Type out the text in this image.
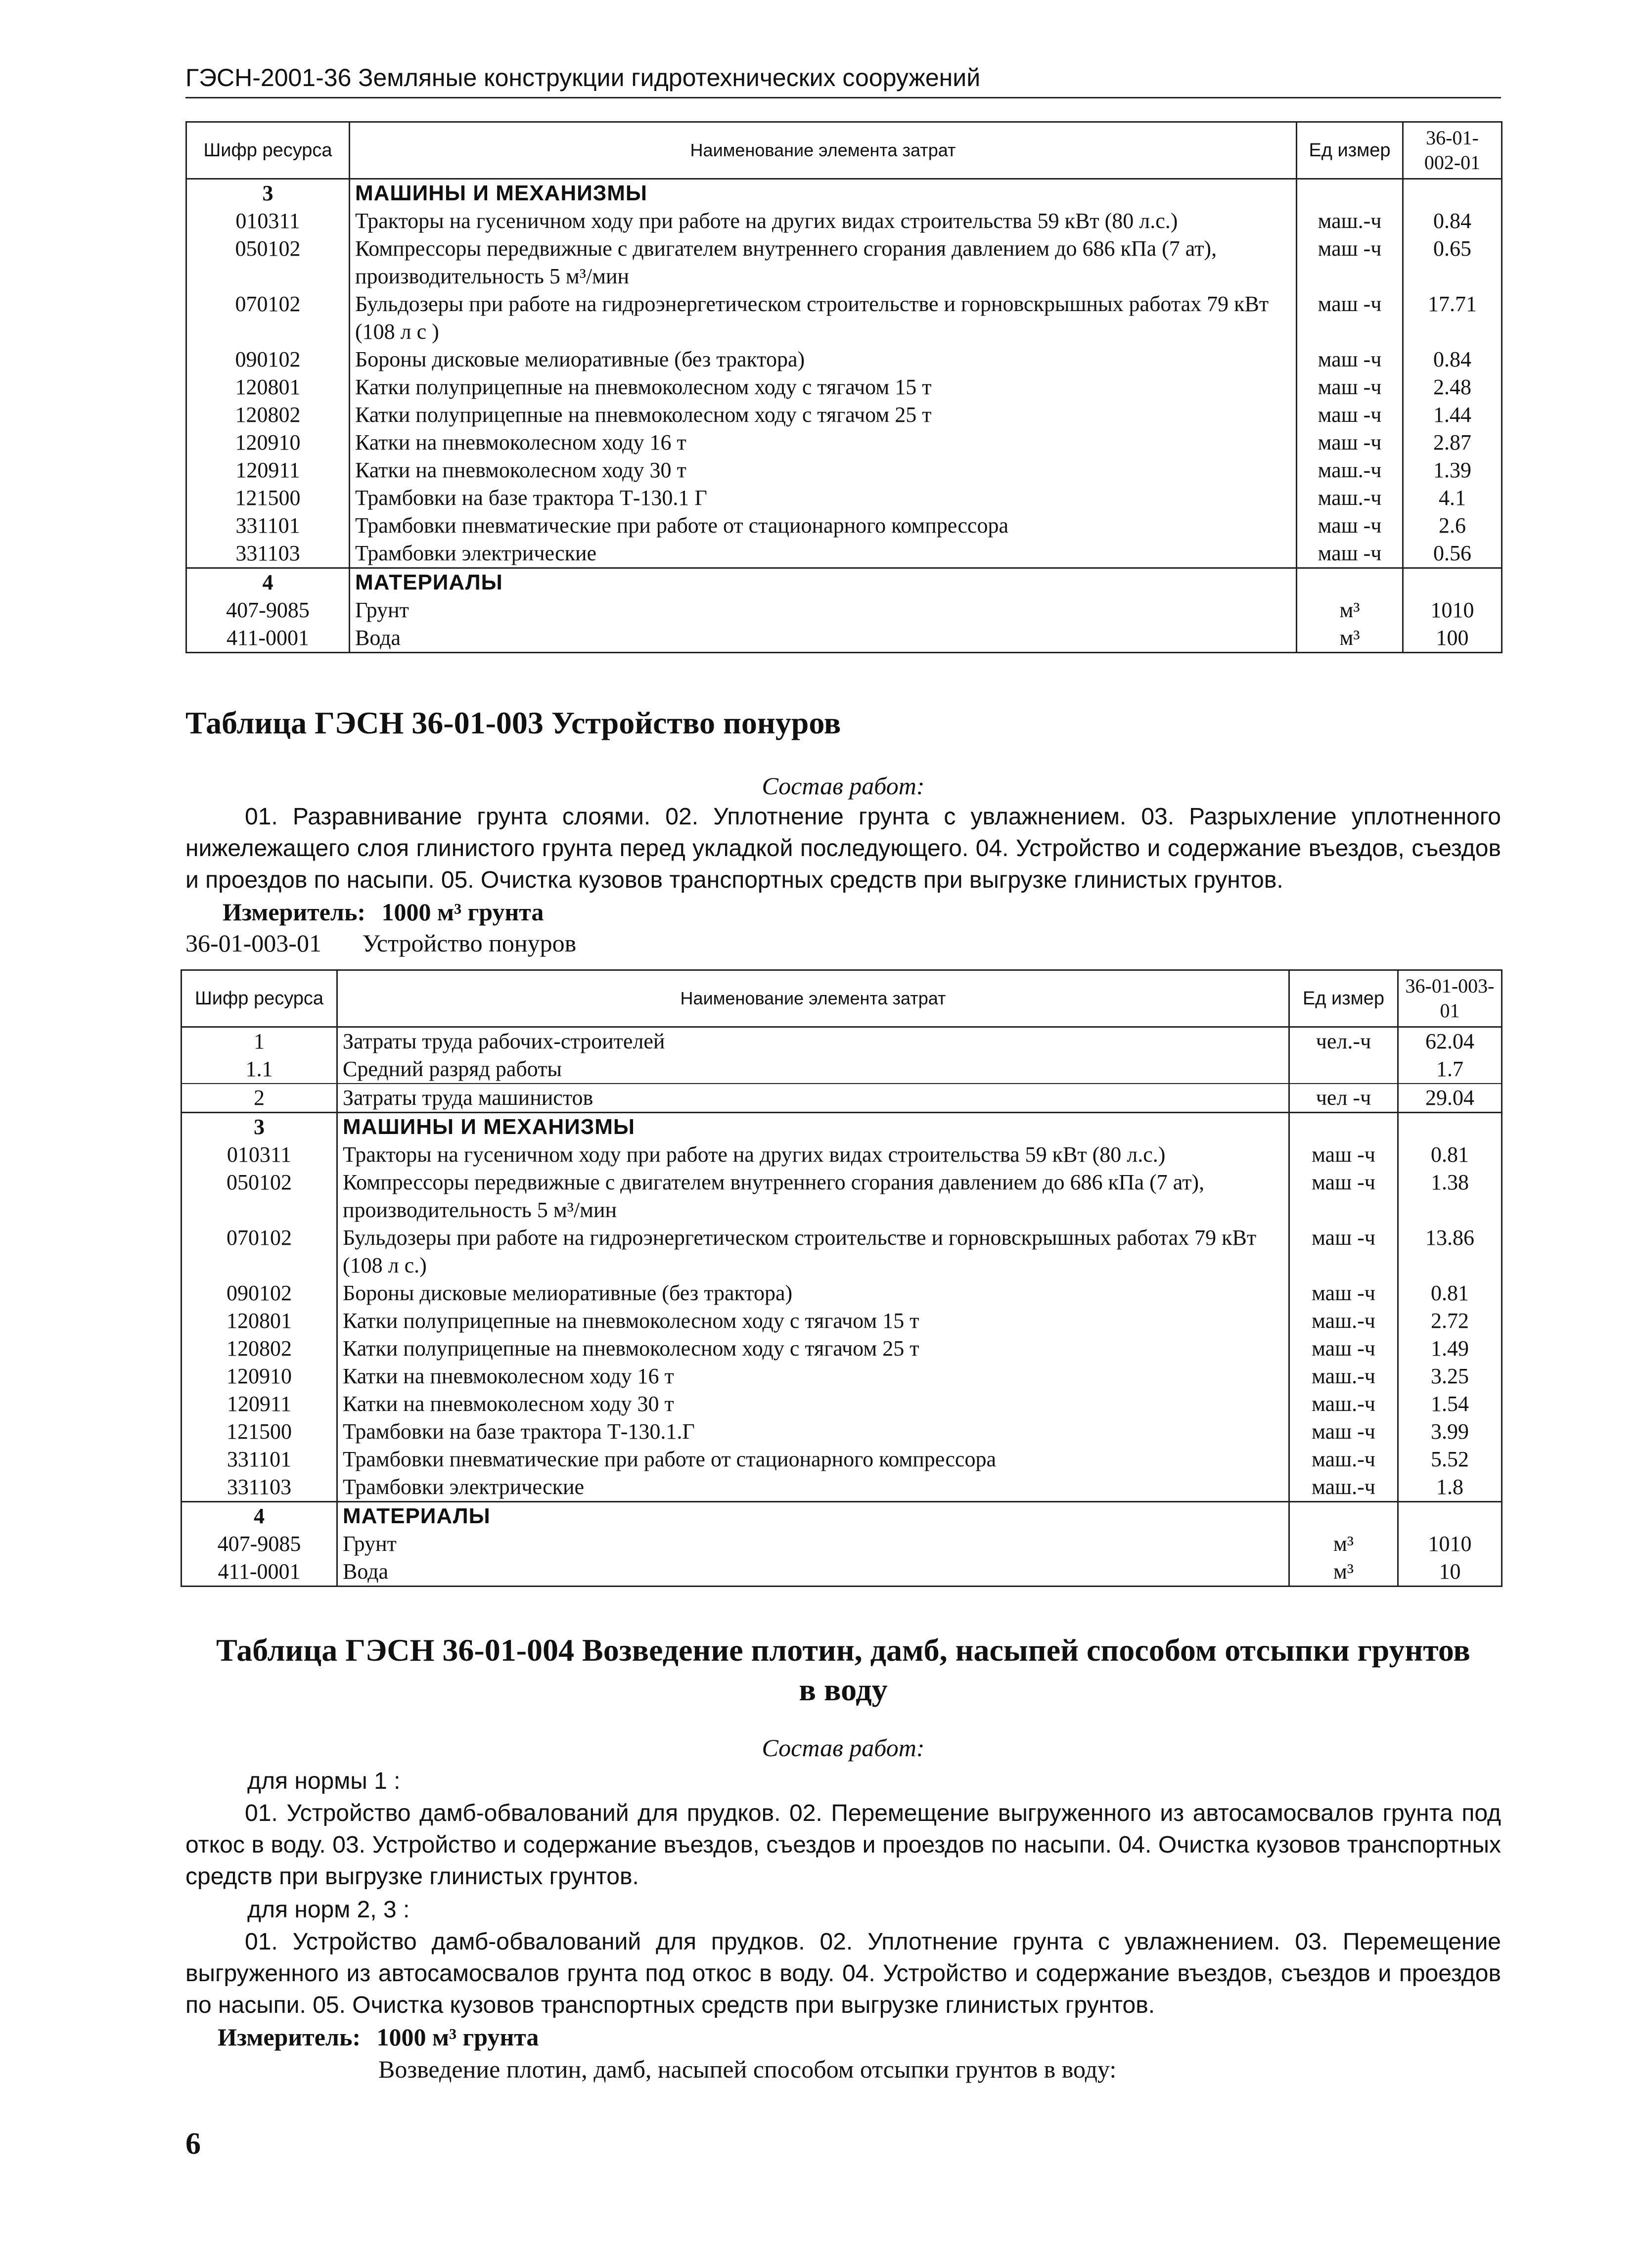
ГЭСН-2001-36 Земляные конструкции гидротехнических сооружений
Шифр ресурса	Наименование элемента затрат	Ед измер	36-01-002-01
3	МАШИНЫ И МЕХАНИЗМЫ		
010311	Тракторы на гусеничном ходу при работе на других видах строительства 59 кВт (80 л.с.)	маш.-ч	0.84
050102	Компрессоры передвижные с двигателем внутреннего сгорания давлением до 686 кПа (7 ат), производительность 5 м³/мин	маш -ч	0.65
070102	Бульдозеры при работе на гидроэнергетическом строительстве и горновскрышных работах 79 кВт (108 л с )	маш -ч	17.71
090102	Бороны дисковые мелиоративные (без трактора)	маш -ч	0.84
120801	Катки полуприцепные на пневмоколесном ходу с тягачом 15 т	маш -ч	2.48
120802	Катки полуприцепные на пневмоколесном ходу с тягачом 25 т	маш -ч	1.44
120910	Катки на пневмоколесном ходу 16 т	маш -ч	2.87
120911	Катки на пневмоколесном ходу 30 т	маш.-ч	1.39
121500	Трамбовки на базе трактора Т-130.1 Г	маш.-ч	4.1
331101	Трамбовки пневматические при работе от стационарного компрессора	маш -ч	2.6
331103	Трамбовки электрические	маш -ч	0.56
4	МАТЕРИАЛЫ		
407-9085	Грунт	м³	1010
411-0001	Вода	м³	100
Таблица ГЭСН 36-01-003 Устройство понуров
Состав работ:
01. Разравнивание грунта слоями. 02. Уплотнение грунта с увлажнением. 03. Разрыхление уплотненного нижележащего слоя глинистого грунта перед укладкой последующего. 04. Устройство и содержание въездов, съездов и проездов по насыпи. 05. Очистка кузовов транспортных средств при выгрузке глинистых грунтов.
Измеритель: 1000 м³ грунта
36-01-003-01 Устройство понуров
Шифр ресурса	Наименование элемента затрат	Ед измер	36-01-003-01
1	Затраты труда рабочих-строителей	чел.-ч	62.04
1.1	Средний разряд работы		1.7
2	Затраты труда машинистов	чел -ч	29.04
3	МАШИНЫ И МЕХАНИЗМЫ		
010311	Тракторы на гусеничном ходу при работе на других видах строительства 59 кВт (80 л.с.)	маш -ч	0.81
050102	Компрессоры передвижные с двигателем внутреннего сгорания давлением до 686 кПа (7 ат), производительность 5 м³/мин	маш -ч	1.38
070102	Бульдозеры при работе на гидроэнергетическом строительстве и горновскрышных работах 79 кВт (108 л с.)	маш -ч	13.86
090102	Бороны дисковые мелиоративные (без трактора)	маш -ч	0.81
120801	Катки полуприцепные на пневмоколесном ходу с тягачом 15 т	маш.-ч	2.72
120802	Катки полуприцепные на пневмоколесном ходу с тягачом 25 т	маш -ч	1.49
120910	Катки на пневмоколесном ходу 16 т	маш.-ч	3.25
120911	Катки на пневмоколесном ходу 30 т	маш.-ч	1.54
121500	Трамбовки на базе трактора Т-130.1.Г	маш -ч	3.99
331101	Трамбовки пневматические при работе от стационарного компрессора	маш.-ч	5.52
331103	Трамбовки электрические	маш.-ч	1.8
4	МАТЕРИАЛЫ		
407-9085	Грунт	м³	1010
411-0001	Вода	м³	10
Таблица ГЭСН 36-01-004 Возведение плотин, дамб, насыпей способом отсыпки грунтов
в воду
Состав работ:
для нормы 1 :
01. Устройство дамб-обвалований для прудков. 02. Перемещение выгруженного из автосамосвалов грунта под откос в воду. 03. Устройство и содержание въездов, съездов и проездов по насыпи. 04. Очистка кузовов транспортных средств при выгрузке глинистых грунтов.
для норм 2, 3 :
01. Устройство дамб-обвалований для прудков. 02. Уплотнение грунта с увлажнением. 03. Перемещение выгруженного из автосамосвалов грунта под откос в воду. 04. Устройство и содержание въездов, съездов и проездов по насыпи. 05. Очистка кузовов транспортных средств при выгрузке глинистых грунтов.
Измеритель: 1000 м³ грунта
Возведение плотин, дамб, насыпей способом отсыпки грунтов в воду:
6
